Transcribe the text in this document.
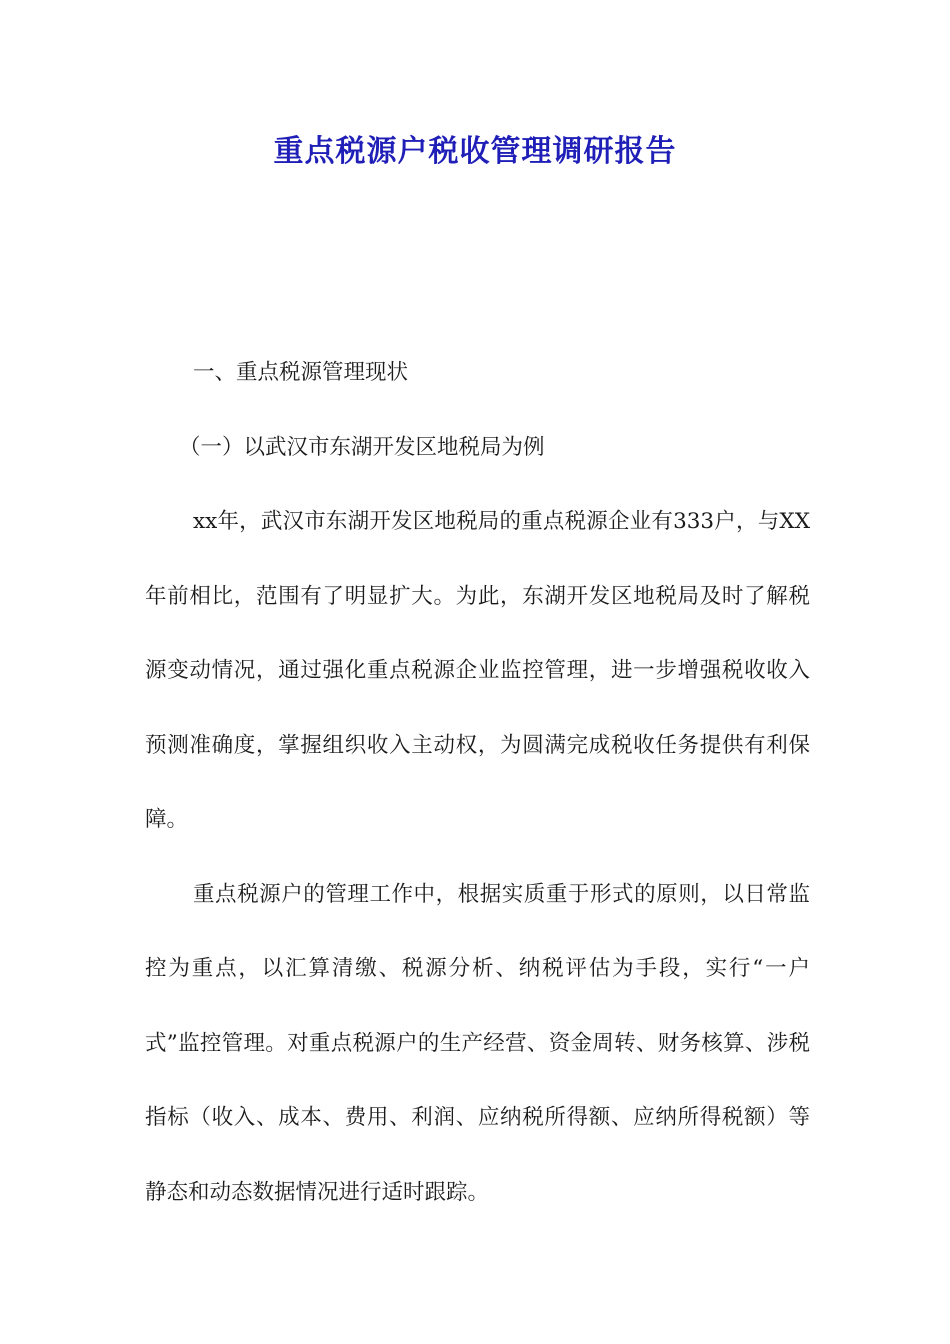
重点税源户税收管理调研报告

一、重点税源管理现状

（一）以武汉市东湖开发区地税局为例

xx年，武汉市东湖开发区地税局的重点税源企业有333户，与XX年前相比，范围有了明显扩大。为此，东湖开发区地税局及时了解税源变动情况，通过强化重点税源企业监控管理，进一步增强税收收入预测准确度，掌握组织收入主动权，为圆满完成税收任务提供有利保障。

重点税源户的管理工作中，根据实质重于形式的原则，以日常监控为重点，以汇算清缴、税源分析、纳税评估为手段，实行“一户式”监控管理。对重点税源户的生产经营、资金周转、财务核算、涉税指标（收入、成本、费用、利润、应纳税所得额、应纳所得税额）等静态和动态数据情况进行适时跟踪。
